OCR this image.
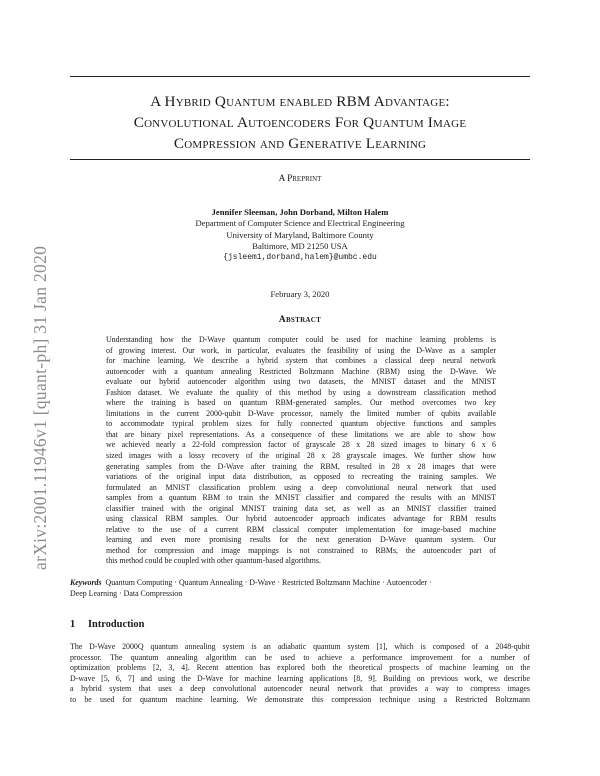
arXiv:2001.11946v1 [quant-ph] 31 Jan 2020
A Hybrid Quantum enabled RBM Advantage:
Convolutional Autoencoders For Quantum Image
Compression and Generative Learning
A Preprint
Jennifer Sleeman, John Dorband, Milton Halem
Department of Computer Science and Electrical Engineering
University of Maryland, Baltimore County
Baltimore, MD 21250 USA
{jsleem1,dorband,halem}@umbc.edu
February 3, 2020
Abstract
Understanding how the D-Wave quantum computer could be used for machine learning problems is
of growing interest. Our work, in particular, evaluates the feasibility of using the D-Wave as a sampler
for machine learning. We describe a hybrid system that combines a classical deep neural network
autoencoder with a quantum annealing Restricted Boltzmann Machine (RBM) using the D-Wave. We
evaluate our hybrid autoencoder algorithm using two datasets, the MNIST dataset and the MNIST
Fashion dataset. We evaluate the quality of this method by using a downstream classification method
where the training is based on quantum RBM-generated samples. Our method overcomes two key
limitations in the current 2000-qubit D-Wave processor, namely the limited number of qubits available
to accommodate typical problem sizes for fully connected quantum objective functions and samples
that are binary pixel representations. As a consequence of these limitations we are able to show how
we achieved nearly a 22-fold compression factor of grayscale 28 x 28 sized images to binary 6 x 6
sized images with a lossy recovery of the original 28 x 28 grayscale images. We further show how
generating samples from the D-Wave after training the RBM, resulted in 28 x 28 images that were
variations of the original input data distribution, as opposed to recreating the training samples. We
formulated an MNIST classification problem using a deep convolutional neural network that used
samples from a quantum RBM to train the MNIST classifier and compared the results with an MNIST
classifier trained with the original MNIST training data set, as well as an MNIST classifier trained
using classical RBM samples. Our hybrid autoencoder approach indicates advantage for RBM results
relative to the use of a current RBM classical computer implementation for image-based machine
learning and even more promising results for the next generation D-Wave quantum system. Our
method for compression and image mappings is not constrained to RBMs, the autoencoder part of
this method could be coupled with other quantum-based algorithms.
Keywords Quantum Computing · Quantum Annealing · D-Wave · Restricted Boltzmann Machine · Autoencoder ·
Deep Learning · Data Compression
1 Introduction
The D-Wave 2000Q quantum annealing system is an adiabatic quantum system [1], which is composed of a 2048-qubit
processor. The quantum annealing algorithm can be used to achieve a performance improvement for a number of
optimization problems [2, 3, 4]. Recent attention has explored both the theoretical prospects of machine learning on the
D-wave [5, 6, 7] and using the D-Wave for machine learning applications [8, 9]. Building on previous work, we describe
a hybrid system that uses a deep convolutional autoencoder neural network that provides a way to compress images
to be used for quantum machine learning. We demonstrate this compression technique using a Restricted Boltzmann
